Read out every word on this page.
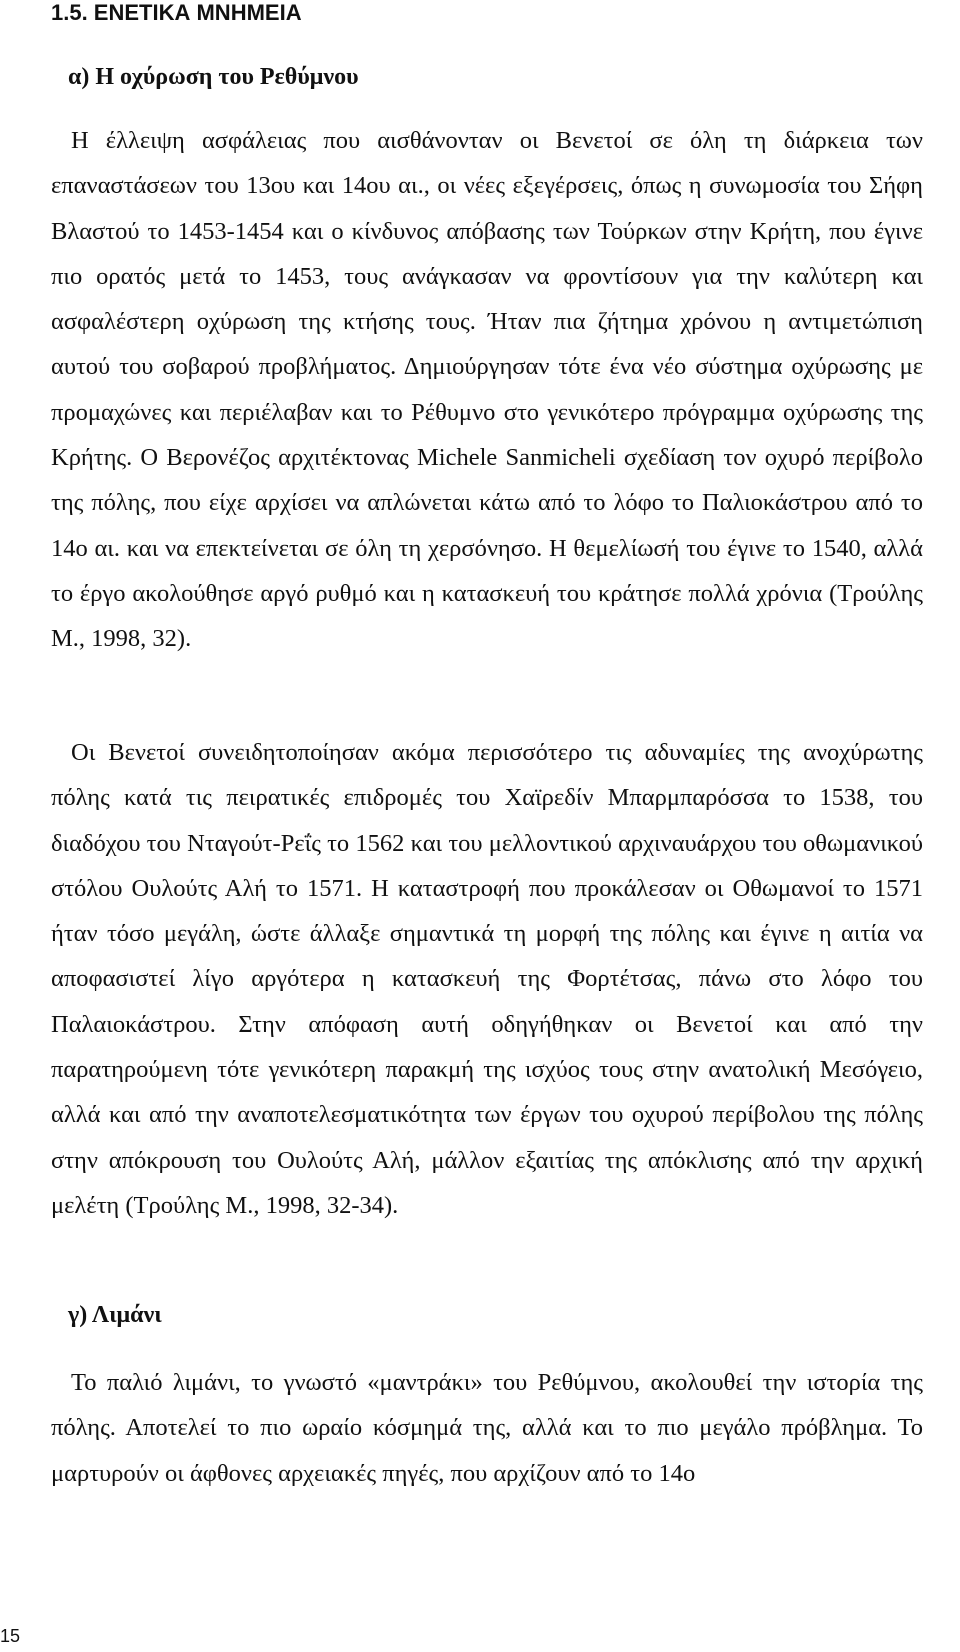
1.5. ΕΝΕΤΙΚΑ ΜΝΗΜΕΙΑ
α) Η οχύρωση του Ρεθύμνου

Η έλλειψη ασφάλειας που αισθάνονταν οι Βενετοί σε όλη τη διάρκεια των επαναστάσεων του 13ου και 14ου αι., οι νέες εξεγέρσεις, όπως η συνωμοσία του Σήφη Βλαστού το 1453-1454 και ο κίνδυνος απόβασης των Τούρκων στην Κρήτη, που έγινε πιο ορατός μετά το 1453, τους ανάγκασαν να φροντίσουν για την καλύτερη και ασφαλέστερη οχύρωση της κτήσης τους. Ήταν πια ζήτημα χρόνου η αντιμετώπιση αυτού του σοβαρού προβλήματος. Δημιούργησαν τότε ένα νέο σύστημα οχύρωσης με προμαχώνες και περιέλαβαν και το Ρέθυμνο στο γενικότερο πρόγραμμα οχύρωσης της Κρήτης. Ο Βερονέζος αρχιτέκτονας Michele Sanmicheli σχεδίαση τον οχυρό περίβολο της πόλης, που είχε αρχίσει να απλώνεται κάτω από το λόφο το Παλιοκάστρου από το 14ο αι. και να επεκτείνεται σε όλη τη χερσόνησο. Η θεμελίωσή του έγινε το 1540, αλλά το έργο ακολούθησε αργό ρυθμό και η κατασκευή του κράτησε πολλά χρόνια (Τρούλης Μ., 1998, 32).

Οι Βενετοί συνειδητοποίησαν ακόμα περισσότερο τις αδυναμίες της ανοχύρωτης πόλης κατά τις πειρατικές επιδρομές του Χαϊρεδίν Μπαρμπαρόσσα το 1538, του διαδόχου του Νταγούτ-Ρεΐς το 1562 και του μελλοντικού αρχιναυάρχου του οθωμανικού στόλου Ουλούτς Αλή το 1571. Η καταστροφή που προκάλεσαν οι Οθωμανοί το 1571 ήταν τόσο μεγάλη, ώστε άλλαξε σημαντικά τη μορφή της πόλης και έγινε η αιτία να αποφασιστεί λίγο αργότερα η κατασκευή της Φορτέτσας, πάνω στο λόφο του Παλαιοκάστρου. Στην απόφαση αυτή οδηγήθηκαν οι Βενετοί και από την παρατηρούμενη τότε γενικότερη παρακμή της ισχύος τους στην ανατολική Μεσόγειο, αλλά και από την αναποτελεσματικότητα των έργων του οχυρού περίβολου της πόλης στην απόκρουση του Ουλούτς Αλή, μάλλον εξαιτίας της απόκλισης από την αρχική μελέτη (Τρούλης Μ., 1998, 32-34).

γ) Λιμάνι

Το παλιό λιμάνι, το γνωστό «μαντράκι» του Ρεθύμνου, ακολουθεί την ιστορία της πόλης. Αποτελεί το πιο ωραίο κόσμημά της, αλλά και το πιο μεγάλο πρόβλημα. Το μαρτυρούν οι άφθονες αρχειακές πηγές, που αρχίζουν από το 14ο

15
